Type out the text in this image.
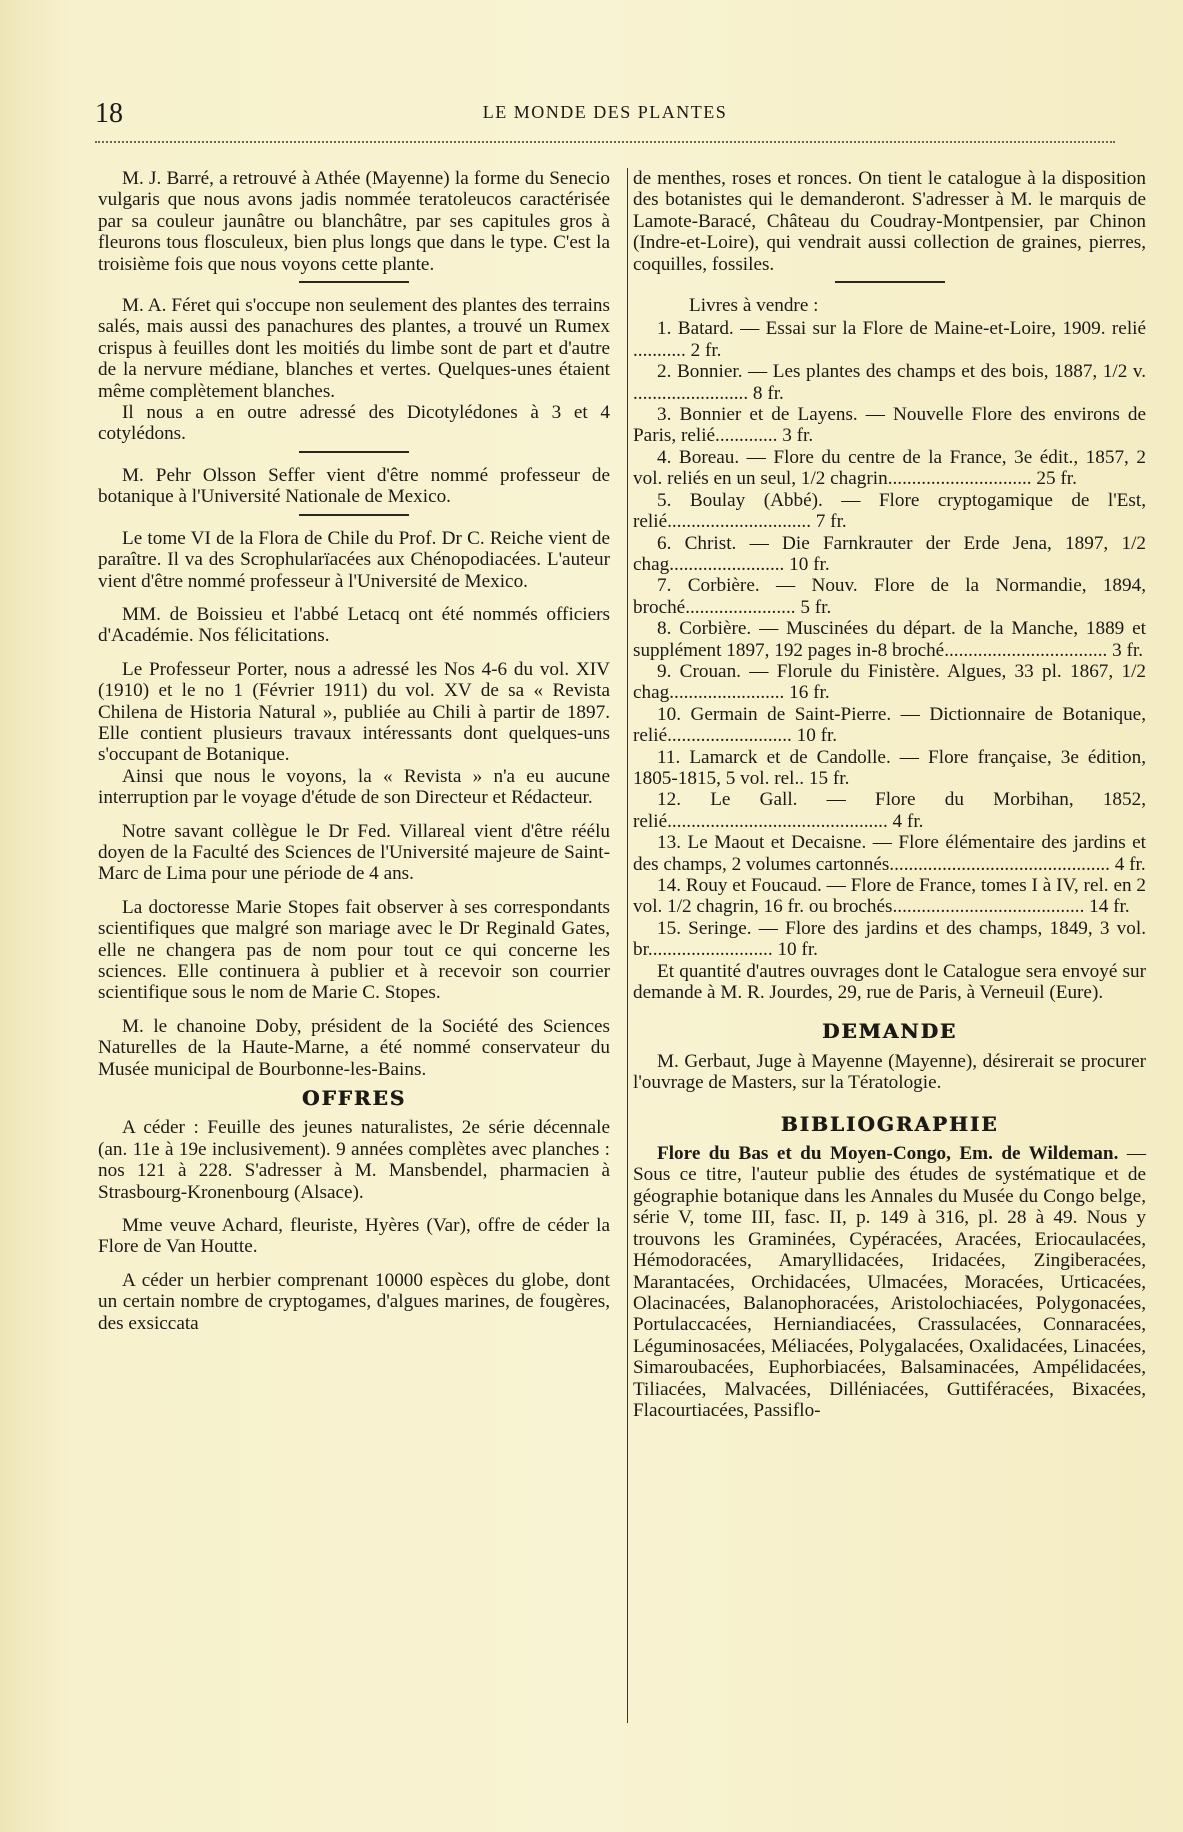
18	LE MONDE DES PLANTES

M. J. Barré, a retrouvé à Athée (Mayenne) la forme du Senecio vulgaris que nous avons jadis nommée teratoleucos caractérisée par sa couleur jaunâtre ou blanchâtre, par ses capitules gros à fleurons tous flosculeux, bien plus longs que dans le type. C'est la troisième fois que nous voyons cette plante.

M. A. Féret qui s'occupe non seulement des plantes des terrains salés, mais aussi des panachures des plantes, a trouvé un Rumex crispus à feuilles dont les moitiés du limbe sont de part et d'autre de la nervure médiane, blanches et vertes. Quelques-unes étaient même complètement blanches.

Il nous a en outre adressé des Dicotylédones à 3 et 4 cotylédons.

M. Pehr Olsson Seffer vient d'être nommé professeur de botanique à l'Université Nationale de Mexico.

Le tome VI de la Flora de Chile du Prof. Dr C. Reiche vient de paraître. Il va des Scrophularïacées aux Chénopodiacées. L'auteur vient d'être nommé professeur à l'Université de Mexico.

MM. de Boissieu et l'abbé Letacq ont été nommés officiers d'Académie. Nos félicitations.

Le Professeur Porter, nous a adressé les Nos 4-6 du vol. XIV (1910) et le no 1 (Février 1911) du vol. XV de sa « Revista Chilena de Historia Natural », publiée au Chili à partir de 1897. Elle contient plusieurs travaux intéressants dont quelques-uns s'occupant de Botanique.

Ainsi que nous le voyons, la « Revista » n'a eu aucune interruption par le voyage d'étude de son Directeur et Rédacteur.

Notre savant collègue le Dr Fed. Villareal vient d'être réélu doyen de la Faculté des Sciences de l'Université majeure de Saint-Marc de Lima pour une période de 4 ans.

La doctoresse Marie Stopes fait observer à ses correspondants scientifiques que malgré son mariage avec le Dr Reginald Gates, elle ne changera pas de nom pour tout ce qui concerne les sciences. Elle continuera à publier et à recevoir son courrier scientifique sous le nom de Marie C. Stopes.

M. le chanoine Doby, président de la Société des Sciences Naturelles de la Haute-Marne, a été nommé conservateur du Musée municipal de Bourbonne-les-Bains.

OFFRES

A céder : Feuille des jeunes naturalistes, 2e série décennale (an. 11e à 19e inclusivement). 9 années complètes avec planches : nos 121 à 228. S'adresser à M. Mansbendel, pharmacien à Strasbourg-Kronenbourg (Alsace).

Mme veuve Achard, fleuriste, Hyères (Var), offre de céder la Flore de Van Houtte.

A céder un herbier comprenant 10000 espèces du globe, dont un certain nombre de cryptogames, d'algues marines, de fougères, des exsiccata

de menthes, roses et ronces. On tient le catalogue à la disposition des botanistes qui le demanderont. S'adresser à M. le marquis de Lamote-Baracé, Château du Coudray-Montpensier, par Chinon (Indre-et-Loire), qui vendrait aussi collection de graines, pierres, coquilles, fossiles.

Livres à vendre :

1. Batard. — Essai sur la Flore de Maine-et-Loire, 1909. relié ........... 2 fr.

2. Bonnier. — Les plantes des champs et des bois, 1887, 1/2 v. ........................ 8 fr.

3. Bonnier et de Layens. — Nouvelle Flore des environs de Paris, relié............. 3 fr.

4. Boreau. — Flore du centre de la France, 3e édit., 1857, 2 vol. reliés en un seul, 1/2 chagrin.............................. 25 fr.

5. Boulay (Abbé). — Flore cryptogamique de l'Est, relié.............................. 7 fr.

6. Christ. — Die Farnkrauter der Erde Jena, 1897, 1/2 chag........................ 10 fr.

7. Corbière. — Nouv. Flore de la Normandie, 1894, broché....................... 5 fr.

8. Corbière. — Muscinées du départ. de la Manche, 1889 et supplément 1897, 192 pages in-8 broché.................................. 3 fr.

9. Crouan. — Florule du Finistère. Algues, 33 pl. 1867, 1/2 chag........................ 16 fr.

10. Germain de Saint-Pierre. — Dictionnaire de Botanique, relié.......................... 10 fr.

11. Lamarck et de Candolle. — Flore française, 3e édition, 1805-1815, 5 vol. rel.. 15 fr.

12. Le Gall. — Flore du Morbihan, 1852, relié.............................................. 4 fr.

13. Le Maout et Decaisne. — Flore élémentaire des jardins et des champs, 2 volumes cartonnés.............................................. 4 fr.

14. Rouy et Foucaud. — Flore de France, tomes I à IV, rel. en 2 vol. 1/2 chagrin, 16 fr. ou brochés........................................ 14 fr.

15. Seringe. — Flore des jardins et des champs, 1849, 3 vol. br.......................... 10 fr.

Et quantité d'autres ouvrages dont le Catalogue sera envoyé sur demande à M. R. Jourdes, 29, rue de Paris, à Verneuil (Eure).

DEMANDE

M. Gerbaut, Juge à Mayenne (Mayenne), désirerait se procurer l'ouvrage de Masters, sur la Tératologie.

BIBLIOGRAPHIE

Flore du Bas et du Moyen-Congo, Em. de Wildeman. — Sous ce titre, l'auteur publie des études de systématique et de géographie botanique dans les Annales du Musée du Congo belge, série V, tome III, fasc. II, p. 149 à 316, pl. 28 à 49. Nous y trouvons les Graminées, Cypéracées, Aracées, Eriocaulacées, Hémodoracées, Amaryllidacées, Iridacées, Zingiberacées, Marantacées, Orchidacées, Ulmacées, Moracées, Urticacées, Olacinacées, Balanophoracées, Aristolochiacées, Polygonacées, Portulaccacées, Herniandiacées, Crassulacées, Connaracées, Léguminosacées, Méliacées, Polygalacées, Oxalidacées, Linacées, Simaroubacées, Euphorbiacées, Balsaminacées, Ampélidacées, Tiliacées, Malvacées, Dilléniacées, Guttiféracées, Bixacées, Flacourtiacées, Passiflo-
